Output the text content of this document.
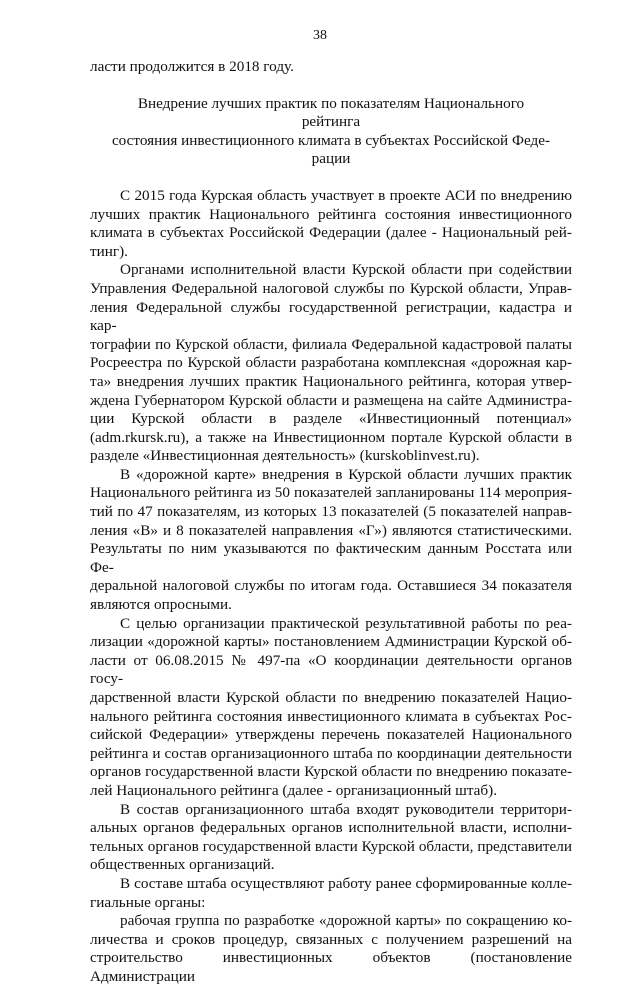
38

ласти продолжится в 2018 году.

Внедрение лучших практик по показателям Национального рейтинга
состояния инвестиционного климата в субъектах Российской Феде-
рации

С 2015 года Курская область участвует в проекте АСИ по внедрению

лучших практик Национального рейтинга состояния инвестиционного

климата в субъектах Российской Федерации (далее - Национальный рей-

тинг).

Органами исполнительной власти Курской области при содействии

Управления Федеральной налоговой службы по Курской области, Управ-

ления Федеральной службы государственной регистрации, кадастра и кар-

тографии по Курской области, филиала Федеральной кадастровой палаты

Росреестра по Курской области разработана комплексная «дорожная кар-

та» внедрения лучших практик Национального рейтинга, которая утвер-

ждена Губернатором Курской области и размещена на сайте Администра-

ции Курской области в разделе «Инвестиционный потенциал»

(adm.rkursk.ru), а также на Инвестиционном портале Курской области в

разделе «Инвестиционная деятельность» (kurskoblinvest.ru).

В «дорожной карте» внедрения в Курской области лучших практик

Национального рейтинга из 50 показателей запланированы 114 мероприя-

тий по 47 показателям, из которых 13 показателей (5 показателей направ-

ления «В» и 8 показателей направления «Г») являются статистическими.

Результаты по ним указываются по фактическим данным Росстата или Фе-

деральной налоговой службы по итогам года. Оставшиеся 34 показателя

являются опросными.

С целью организации практической результативной работы по реа-

лизации «дорожной карты» постановлением Администрации Курской об-

ласти от 06.08.2015 № 497-па «О координации деятельности органов госу-

дарственной власти Курской области по внедрению показателей Нацио-

нального рейтинга состояния инвестиционного климата в субъектах Рос-

сийской Федерации» утверждены перечень показателей Национального

рейтинга и состав организационного штаба по координации деятельности

органов государственной власти Курской области по внедрению показате-

лей Национального рейтинга (далее - организационный штаб).

В состав организационного штаба входят руководители территори-

альных органов федеральных органов исполнительной власти, исполни-

тельных органов государственной власти Курской области, представители

общественных организаций.

В составе штаба осуществляют работу ранее сформированные колле-

гиальные органы:

рабочая группа по разработке «дорожной карты» по сокращению ко-

личества и сроков процедур, связанных с получением разрешений на

строительство инвестиционных объектов (постановление Администрации
